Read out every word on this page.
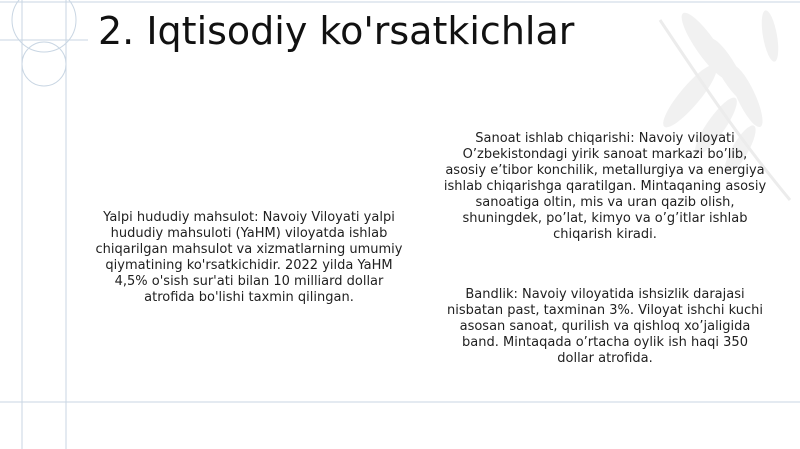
2. Iqtisodiy ko'rsatkichlar
Yalpi hududiy mahsulot: Navoiy Viloyati yalpi hududiy mahsuloti (YaHM) viloyatda ishlab chiqarilgan mahsulot va xizmatlarning umumiy qiymatining ko'rsatkichidir. 2022 yilda YaHM 4,5% o'sish sur'ati bilan 10 milliard dollar atrofida bo'lishi taxmin qilingan.
Sanoat ishlab chiqarishi: Navoiy viloyati O’zbekistondagi yirik sanoat markazi bo’lib, asosiy e’tibor konchilik, metallurgiya va energiya ishlab chiqarishga qaratilgan. Mintaqaning asosiy sanoatiga oltin, mis va uran qazib olish, shuningdek, po’lat, kimyo va o’g’itlar ishlab chiqarish kiradi.
Bandlik: Navoiy viloyatida ishsizlik darajasi nisbatan past, taxminan 3%. Viloyat ishchi kuchi asosan sanoat, qurilish va qishloq xo’jaligida band. Mintaqada o’rtacha oylik ish haqi 350 dollar atrofida.
